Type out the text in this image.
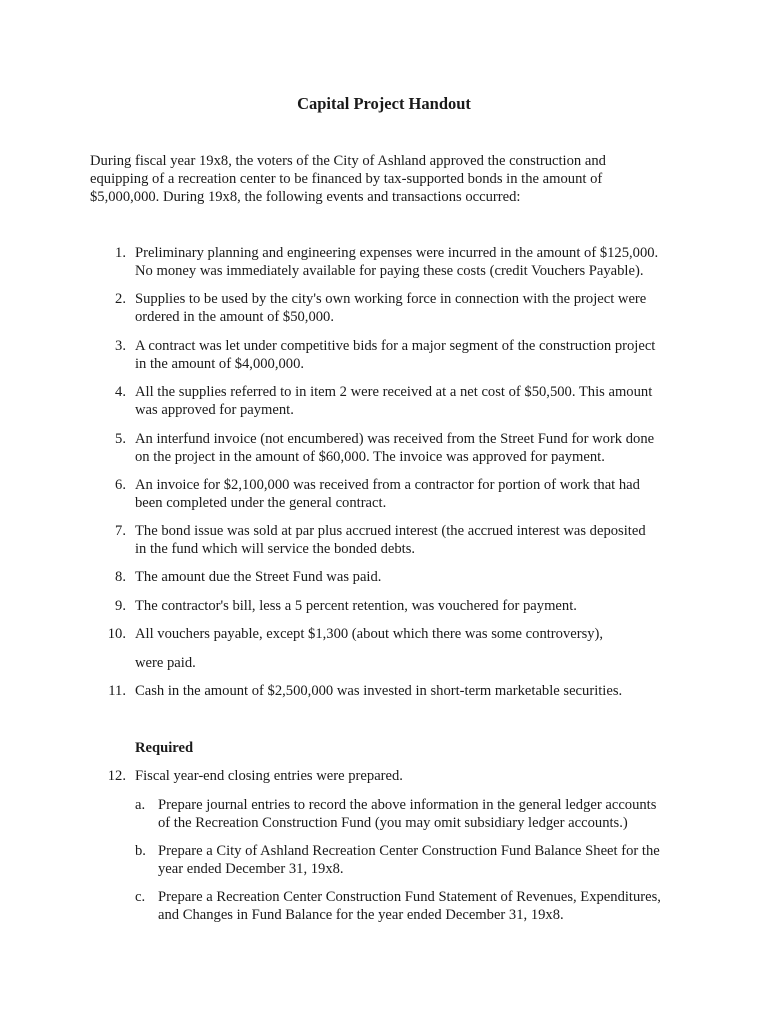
Capital Project Handout

During fiscal year 19x8, the voters of the City of Ashland approved the construction and equipping of a recreation center to be financed by tax-supported bonds in the amount of $5,000,000. During 19x8, the following events and transactions occurred:

1. Preliminary planning and engineering expenses were incurred in the amount of $125,000.
No money was immediately available for paying these costs (credit Vouchers Payable).
2. Supplies to be used by the city's own working force in connection with the project were
ordered in the amount of $50,000.
3. A contract was let under competitive bids for a major segment of the construction project
in the amount of $4,000,000.
4. All the supplies referred to in item 2 were received at a net cost of $50,500. This amount
was approved for payment.
5. An interfund invoice (not encumbered) was received from the Street Fund for work done
on the project in the amount of $60,000. The invoice was approved for payment.
6. An invoice for $2,100,000 was received from a contractor for portion of work that had
been completed under the general contract.
7. The bond issue was sold at par plus accrued interest (the accrued interest was deposited
in the fund which will service the bonded debts.
8. The amount due the Street Fund was paid.
9. The contractor's bill, less a 5 percent retention, was vouchered for payment.
10. All vouchers payable, except $1,300 (about which there was some controversy),
were paid.
11. Cash in the amount of $2,500,000 was invested in short-term marketable securities.
Required
12. Fiscal year-end closing entries were prepared.
a. Prepare journal entries to record the above information in the general ledger accounts
of the Recreation Construction Fund (you may omit subsidiary ledger accounts.)
b. Prepare a City of Ashland Recreation Center Construction Fund Balance Sheet for the
year ended December 31, 19x8.
c. Prepare a Recreation Center Construction Fund Statement of Revenues, Expenditures,
and Changes in Fund Balance for the year ended December 31, 19x8.
